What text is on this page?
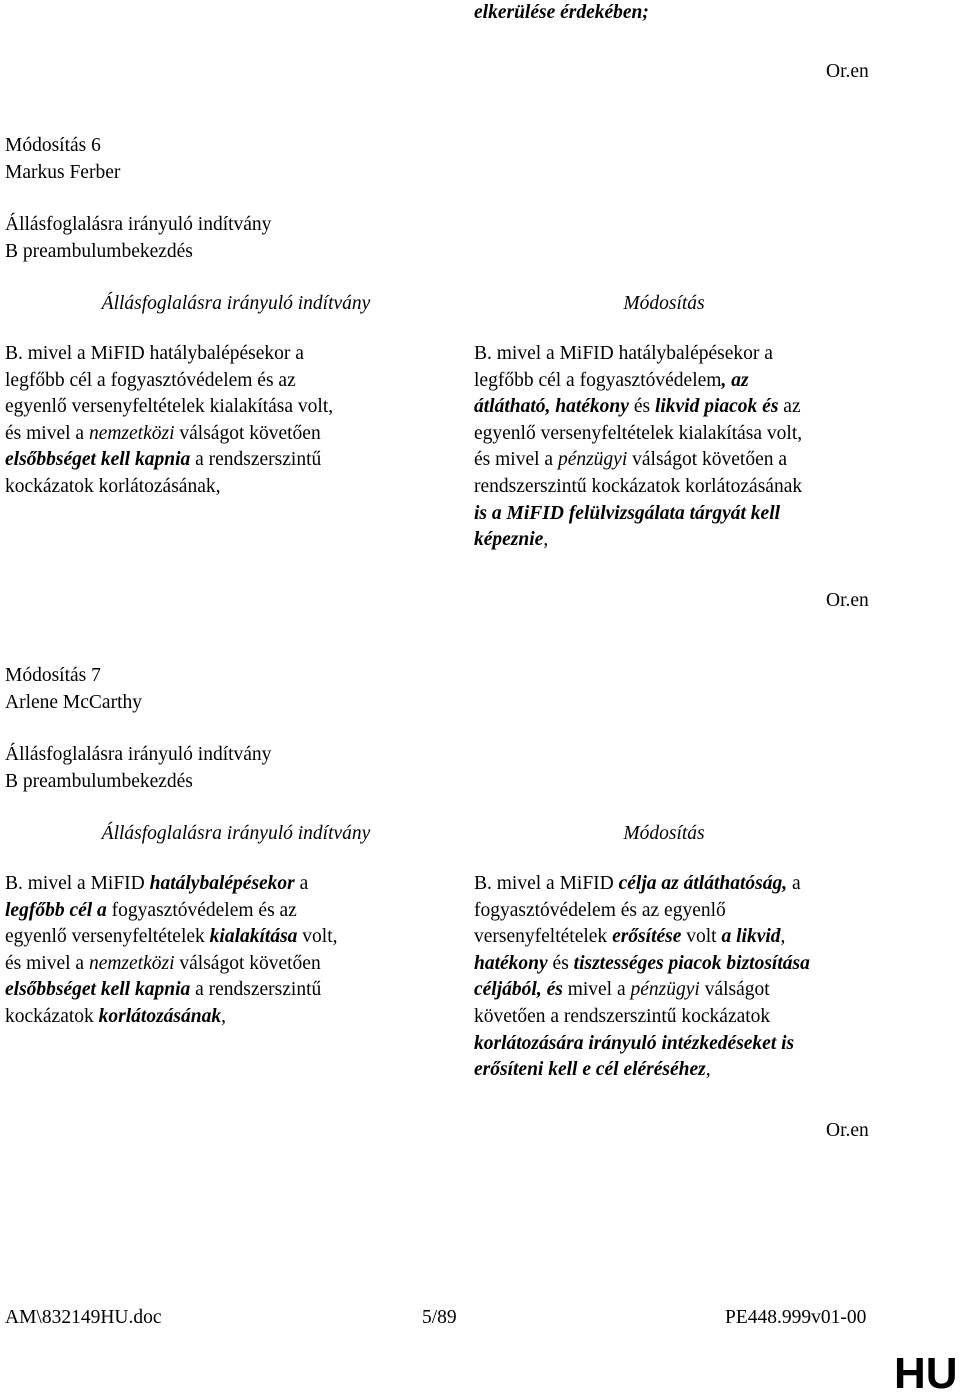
elkerülése érdekében;
Or.en
Módosítás 6
Markus Ferber
Állásfoglalásra irányuló indítvány
B preambulumbekezdés
Állásfoglalásra irányuló indítvány	Módosítás
B. mivel a MiFID hatálybalépésekor a
legfőbb cél a fogyasztóvédelem és az
egyenlő versenyfeltételek kialakítása volt,
és mivel a nemzetközi válságot követően
elsőbbséget kell kapnia a rendszerszintű
kockázatok korlátozásának,
B. mivel a MiFID hatálybalépésekor a
legfőbb cél a fogyasztóvédelem, az
átlátható, hatékony és likvid piacok és az
egyenlő versenyfeltételek kialakítása volt,
és mivel a pénzügyi válságot követően a
rendszerszintű kockázatok korlátozásának
is a MiFID felülvizsgálata tárgyát kell
képeznie,
Or.en
Módosítás 7
Arlene McCarthy
Állásfoglalásra irányuló indítvány
B preambulumbekezdés
Állásfoglalásra irányuló indítvány	Módosítás
B. mivel a MiFID hatálybalépésekor a
legfőbb cél a fogyasztóvédelem és az
egyenlő versenyfeltételek kialakítása volt,
és mivel a nemzetközi válságot követően
elsőbbséget kell kapnia a rendszerszintű
kockázatok korlátozásának,
B. mivel a MiFID célja az átláthatóság, a
fogyasztóvédelem és az egyenlő
versenyfeltételek erősítése volt a likvid,
hatékony és tisztességes piacok biztosítása
céljából, és mivel a pénzügyi válságot
követően a rendszerszintű kockázatok
korlátozására irányuló intézkedéseket is
erősíteni kell e cél eléréséhez,
Or.en
AM\832149HU.doc	5/89	PE448.999v01-00
HU
